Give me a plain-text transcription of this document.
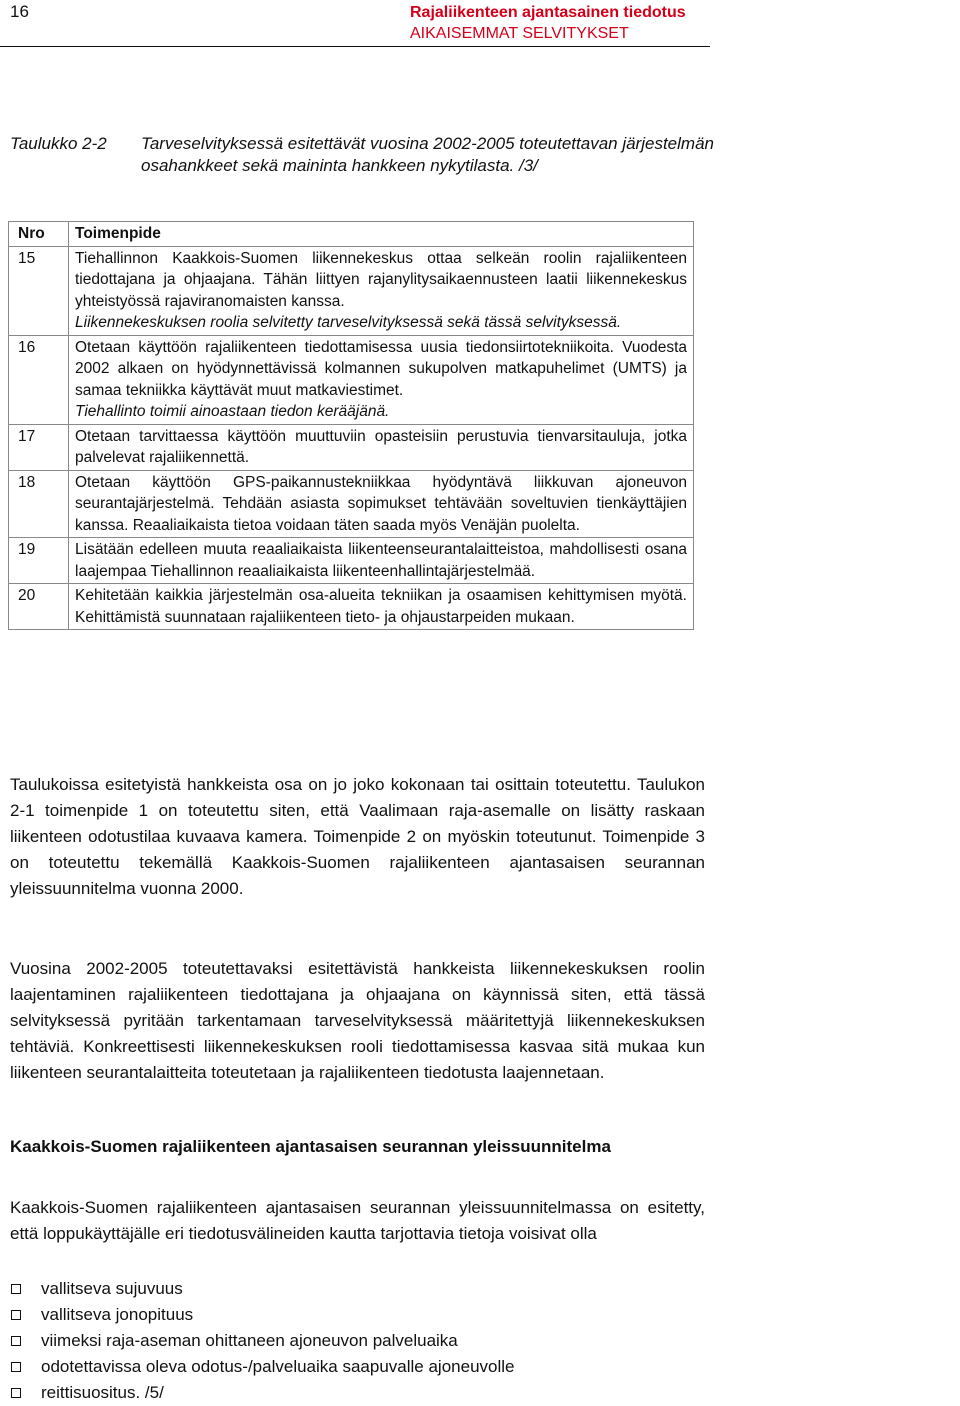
16	Rajaliikenteen ajantasainen tiedotus
AIKAISEMMAT SELVITYKSET
Taulukko 2-2 Tarveselvityksessä esitettävät vuosina 2002-2005 toteutettavan järjestelmän osahankkeet sekä maininta hankkeen nykytilasta. /3/
Nro	Toimenpide
15	Tiehallinnon Kaakkois-Suomen liikennekeskus ottaa selkeän roolin rajaliikenteen tiedottajana ja ohjaajana. Tähän liittyen rajanylitysaikaennusteen laatii liikennekeskus yhteistyössä rajaviranomaisten kanssa.
Liikennekeskuksen roolia selvitetty tarveselvityksessä sekä tässä selvityksessä.

16	Otetaan käyttöön rajaliikenteen tiedottamisessa uusia tiedonsiirtotekniikoita. Vuodesta 2002 alkaen on hyödynnettävissä kolmannen sukupolven matkapuhelimet (UMTS) ja samaa tekniikka käyttävät muut matkaviestimet.
Tiehallinto toimii ainoastaan tiedon kerääjänä.

17	Otetaan tarvittaessa käyttöön muuttuviin opasteisiin perustuvia tienvarsitauluja, jotka palvelevat rajaliikennettä.
18	Otetaan käyttöön GPS-paikannustekniikkaa hyödyntävä liikkuvan ajoneuvon seurantajärjestelmä. Tehdään asiasta sopimukset tehtävään soveltuvien tienkäyttäjien kanssa. Reaaliaikaista tietoa voidaan täten saada myös Venäjän puolelta.
19	Lisätään edelleen muuta reaaliaikaista liikenteenseurantalaitteistoa, mahdollisesti osana laajempaa Tiehallinnon reaaliaikaista liikenteenhallintajärjestelmää.
20	Kehitetään kaikkia järjestelmän osa-alueita tekniikan ja osaamisen kehittymisen myötä. Kehittämistä suunnataan rajaliikenteen tieto- ja ohjaustarpeiden mukaan.
Taulukoissa esitetyistä hankkeista osa on jo joko kokonaan tai osittain toteutettu. Taulukon 2-1 toimenpide 1 on toteutettu siten, että Vaalimaan raja-asemalle on lisätty raskaan liikenteen odotustilaa kuvaava kamera. Toimenpide 2 on myöskin toteutunut. Toimenpide 3 on toteutettu tekemällä Kaakkois-Suomen rajaliikenteen ajantasaisen seurannan yleissuunnitelma vuonna 2000.
Vuosina 2002-2005 toteutettavaksi esitettävistä hankkeista liikennekeskuksen roolin laajentaminen rajaliikenteen tiedottajana ja ohjaajana on käynnissä siten, että tässä selvityksessä pyritään tarkentamaan tarveselvityksessä määritettyjä liikennekeskuksen tehtäviä. Konkreettisesti liikennekeskuksen rooli tiedottamisessa kasvaa sitä mukaa kun liikenteen seurantalaitteita toteutetaan ja rajaliikenteen tiedotusta laajennetaan.
Kaakkois-Suomen rajaliikenteen ajantasaisen seurannan yleissuunnitelma
Kaakkois-Suomen rajaliikenteen ajantasaisen seurannan yleissuunnitelmassa on esitetty, että loppukäyttäjälle eri tiedotusvälineiden kautta tarjottavia tietoja voisivat olla
vallitseva sujuvuus
vallitseva jonopituus
viimeksi raja-aseman ohittaneen ajoneuvon palveluaika
odotettavissa oleva odotus-/palveluaika saapuvalle ajoneuvolle
reittisuositus. /5/
